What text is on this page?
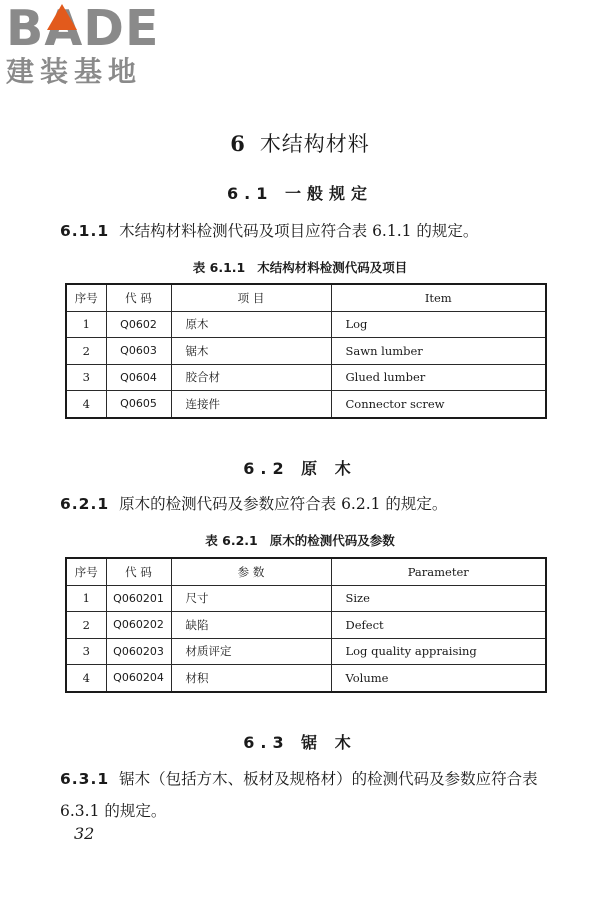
B
ADE
建装基地
6 木结构材料
6.1 一般规定
6.1.1 木结构材料检测代码及项目应符合表 6.1.1 的规定。
表 6.1.1 木结构材料检测代码及项目
序号	代 码	项 目	Item
1	Q0602	原木	Log
2	Q0603	锯木	Sawn lumber
3	Q0604	胶合材	Glued lumber
4	Q0605	连接件	Connector screw
6.2 原 木
6.2.1 原木的检测代码及参数应符合表 6.2.1 的规定。
表 6.2.1 原木的检测代码及参数
序号	代 码	参 数	Parameter
1	Q060201	尺寸	Size
2	Q060202	缺陷	Defect
3	Q060203	材质评定	Log quality appraising
4	Q060204	材积	Volume
6.3 锯 木
6.3.1 锯木（包括方木、板材及规格材）的检测代码及参数应符合表 6.3.1 的规定。
32
